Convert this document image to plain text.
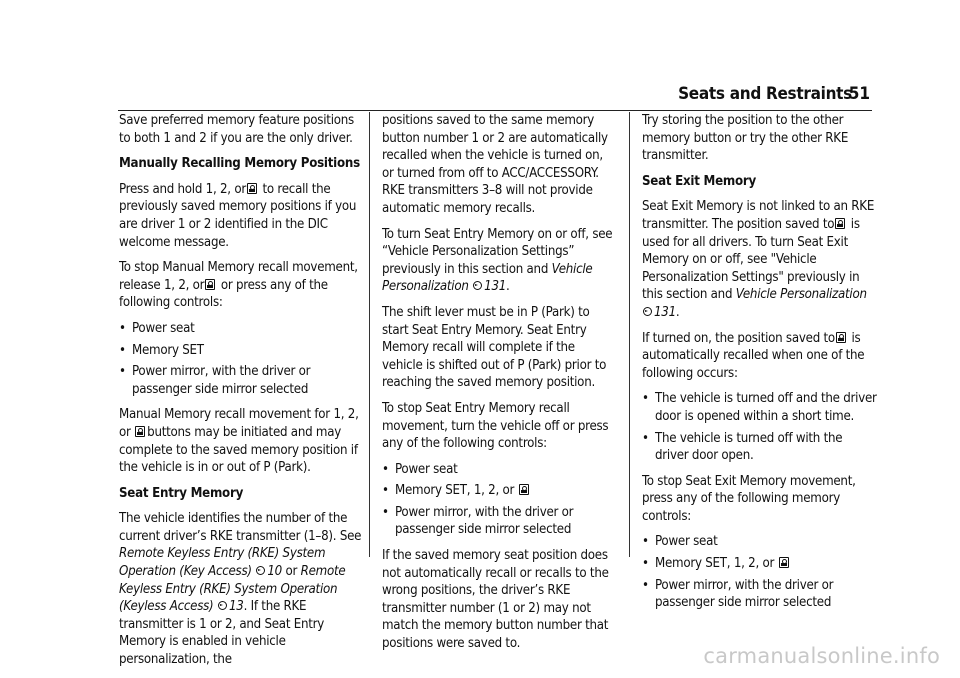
Seats and Restraints
51

Save preferred memory feature positions to both 1 and 2 if you are the only driver.

Manually Recalling Memory Positions

Press and hold 1, 2, or to recall the previously saved memory positions if you are driver 1 or 2 identified in the DIC welcome message.

To stop Manual Memory recall movement, release 1, 2, or or press any of the following controls:

• Power seat
• Memory SET
• Power mirror, with the driver or passenger side mirror selected

Manual Memory recall movement for 1, 2, or buttons may be initiated and may complete to the saved memory position if the vehicle is in or out of P (Park).

Seat Entry Memory

The vehicle identifies the number of the current driver’s RKE transmitter (1–8). See Remote Keyless Entry (RKE) System Operation (Key Access) 10 or Remote Keyless Entry (RKE) System Operation (Keyless Access) 13. If the RKE transmitter is 1 or 2, and Seat Entry Memory is enabled in vehicle personalization, the

positions saved to the same memory button number 1 or 2 are automatically recalled when the vehicle is turned on, or turned from off to ACC/ACCESSORY. RKE transmitters 3–8 will not provide automatic memory recalls.

To turn Seat Entry Memory on or off, see “Vehicle Personalization Settings” previously in this section and Vehicle Personalization 131.

The shift lever must be in P (Park) to start Seat Entry Memory. Seat Entry Memory recall will complete if the vehicle is shifted out of P (Park) prior to reaching the saved memory position.

To stop Seat Entry Memory recall movement, turn the vehicle off or press any of the following controls:

• Power seat
• Memory SET, 1, 2, or
• Power mirror, with the driver or passenger side mirror selected

If the saved memory seat position does not automatically recall or recalls to the wrong positions, the driver’s RKE transmitter number (1 or 2) may not match the memory button number that positions were saved to.

Try storing the position to the other memory button or try the other RKE transmitter.

Seat Exit Memory

Seat Exit Memory is not linked to an RKE transmitter. The position saved to is used for all drivers. To turn Seat Exit Memory on or off, see "Vehicle Personalization Settings" previously in this section and Vehicle Personalization 131.

If turned on, the position saved to is automatically recalled when one of the following occurs:

• The vehicle is turned off and the driver door is opened within a short time.
• The vehicle is turned off with the driver door open.

To stop Seat Exit Memory movement, press any of the following memory controls:

• Power seat
• Memory SET, 1, 2, or
• Power mirror, with the driver or passenger side mirror selected
carmanualsonline.info
